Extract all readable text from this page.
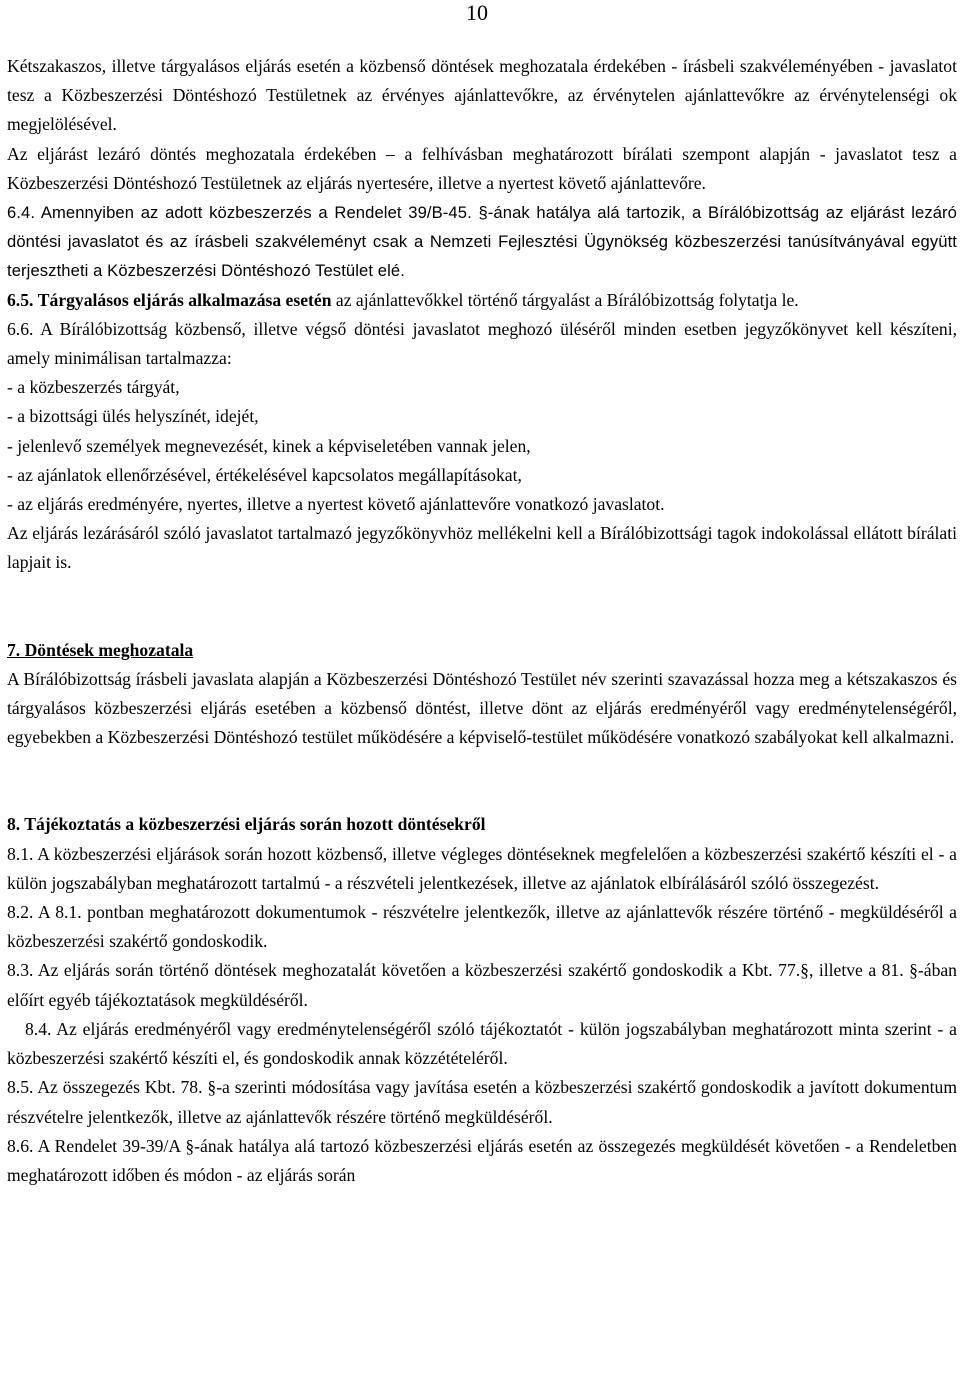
10

Kétszakaszos, illetve tárgyalásos eljárás esetén a közbenső döntések meghozatala érdekében - írásbeli szakvéleményében - javaslatot tesz a Közbeszerzési Döntéshozó Testületnek az érvényes ajánlattevőkre, az érvénytelen ajánlattevőkre az érvénytelenségi ok megjelölésével.

Az eljárást lezáró döntés meghozatala érdekében – a felhívásban meghatározott bírálati szempont alapján - javaslatot tesz a Közbeszerzési Döntéshozó Testületnek az eljárás nyertesére, illetve a nyertest követő ajánlattevőre.

6.4. Amennyiben az adott közbeszerzés a Rendelet 39/B-45. §-ának hatálya alá tartozik, a Bírálóbizottság az eljárást lezáró döntési javaslatot és az írásbeli szakvéleményt csak a Nemzeti Fejlesztési Ügynökség közbeszerzési tanúsítványával együtt terjesztheti a Közbeszerzési Döntéshozó Testület elé.

6.5. Tárgyalásos eljárás alkalmazása esetén az ajánlattevőkkel történő tárgyalást a Bírálóbizottság folytatja le.

6.6. A Bírálóbizottság közbenső, illetve végső döntési javaslatot meghozó üléséről minden esetben jegyzőkönyvet kell készíteni, amely minimálisan tartalmazza:

- a közbeszerzés tárgyát,

- a bizottsági ülés helyszínét, idejét,

- jelenlevő személyek megnevezését, kinek a képviseletében vannak jelen,

- az ajánlatok ellenőrzésével, értékelésével kapcsolatos megállapításokat,

- az eljárás eredményére, nyertes, illetve a nyertest követő ajánlattevőre vonatkozó javaslatot.

Az eljárás lezárásáról szóló javaslatot tartalmazó jegyzőkönyvhöz mellékelni kell a Bírálóbizottsági tagok indokolással ellátott bírálati lapjait is.

7. Döntések meghozatala

A Bírálóbizottság írásbeli javaslata alapján a Közbeszerzési Döntéshozó Testület név szerinti szavazással hozza meg a kétszakaszos és tárgyalásos közbeszerzési eljárás esetében a közbenső döntést, illetve dönt az eljárás eredményéről vagy eredménytelenségéről, egyebekben a Közbeszerzési Döntéshozó testület működésére a képviselő-testület működésére vonatkozó szabályokat kell alkalmazni.

8. Tájékoztatás a közbeszerzési eljárás során hozott döntésekről

8.1. A közbeszerzési eljárások során hozott közbenső, illetve végleges döntéseknek megfelelően a közbeszerzési szakértő készíti el - a külön jogszabályban meghatározott tartalmú - a részvételi jelentkezések, illetve az ajánlatok elbírálásáról szóló összegezést.

8.2. A 8.1. pontban meghatározott dokumentumok - részvételre jelentkezők, illetve az ajánlattevők részére történő - megküldéséről a közbeszerzési szakértő gondoskodik.

8.3. Az eljárás során történő döntések meghozatalát követően a közbeszerzési szakértő gondoskodik a Kbt. 77.§, illetve a 81. §-ában előírt egyéb tájékoztatások megküldéséről.

8.4. Az eljárás eredményéről vagy eredménytelenségéről szóló tájékoztatót - külön jogszabályban meghatározott minta szerint - a közbeszerzési szakértő készíti el, és gondoskodik annak közzétételéről.

8.5. Az összegezés Kbt. 78. §-a szerinti módosítása vagy javítása esetén a közbeszerzési szakértő gondoskodik a javított dokumentum részvételre jelentkezők, illetve az ajánlattevők részére történő megküldéséről.

8.6. A Rendelet 39-39/A §-ának hatálya alá tartozó közbeszerzési eljárás esetén az összegezés megküldését követően - a Rendeletben meghatározott időben és módon - az eljárás során
